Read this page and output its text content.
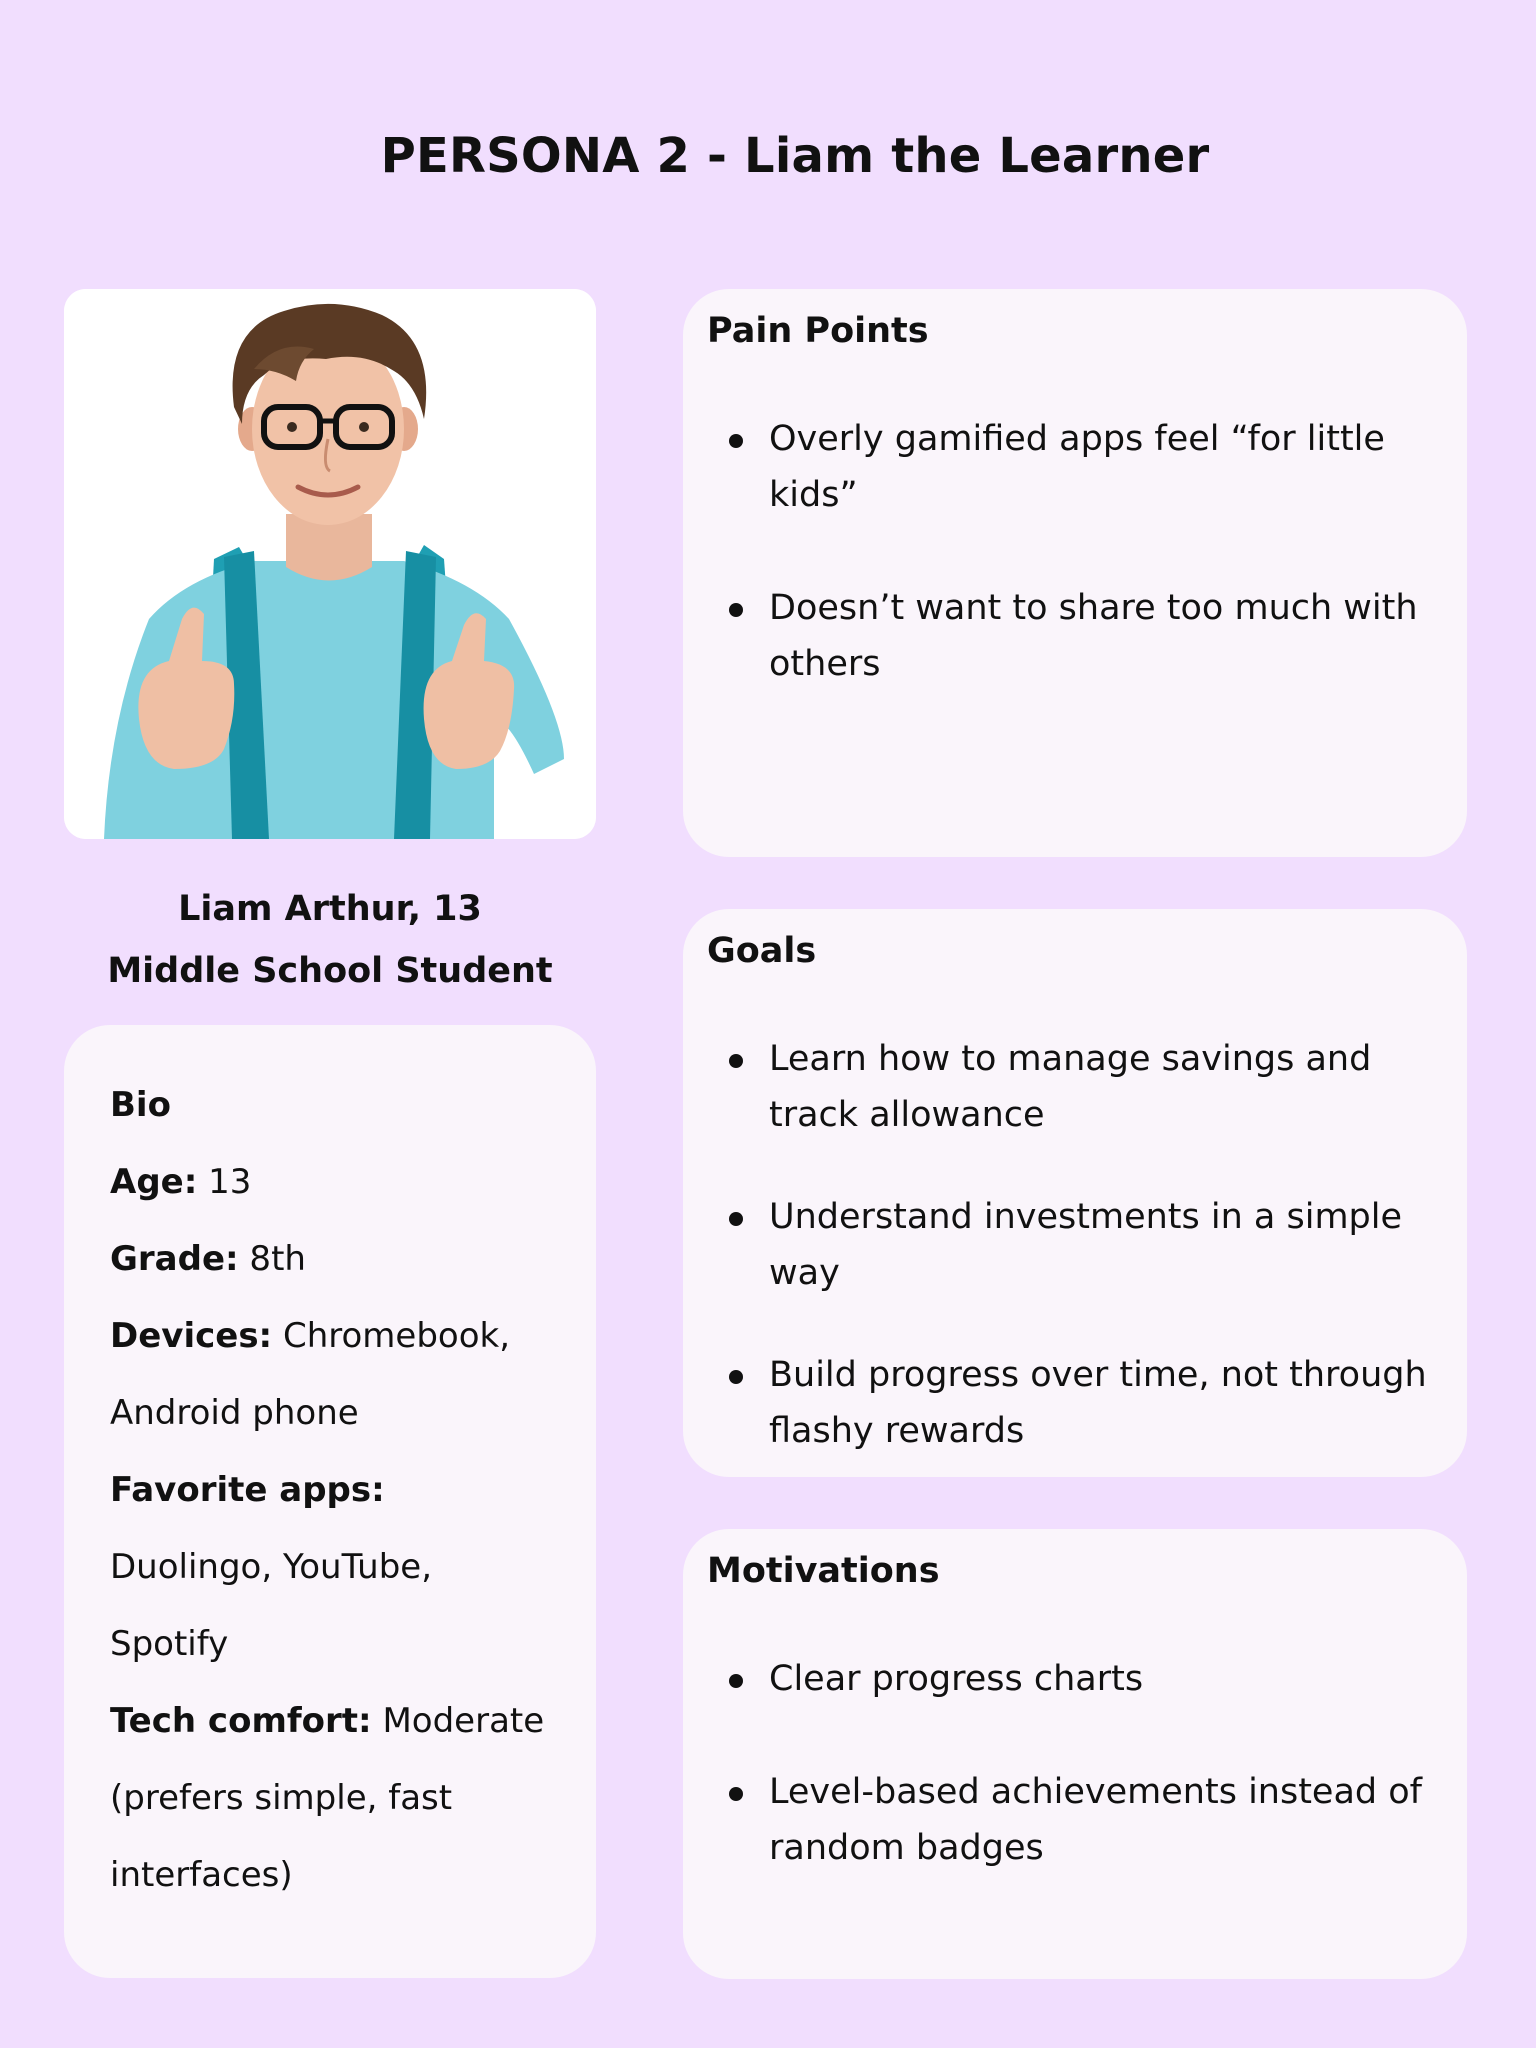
PERSONA 2 - Liam the Learner
Liam Arthur, 13
Middle School Student
Bio
Age: 13
Grade: 8th
Devices: Chromebook,
Android phone
Favorite apps:
Duolingo, YouTube,
Spotify
Tech comfort: Moderate
(prefers simple, fast
interfaces)
Pain Points
Overly gamified apps feel “for little kids”
Doesn’t want to share too much with others
Goals
Learn how to manage savings and track allowance
Understand investments in a simple way
Build progress over time, not through flashy rewards
Motivations
Clear progress charts
Level-based achievements instead of random badges
